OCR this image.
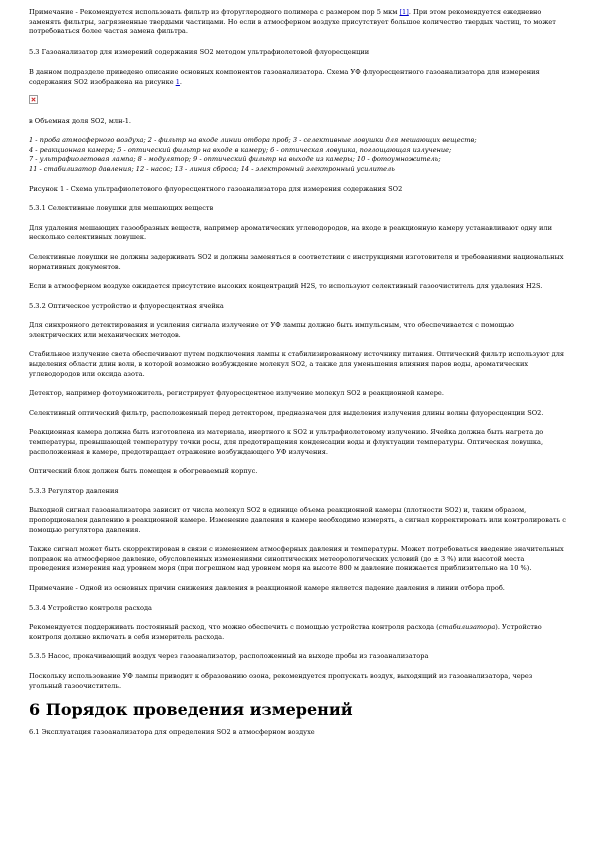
Примечание - Рекомендуется использовать фильтр из фторуглеродного полимера с размером пор 5 мкм [1]. При этом рекомендуется ежедневно заменять фильтры, загрязненные твердыми частицами. Но если в атмосферном воздухе присутствует большое количество твердых частиц, то может потребоваться более частая замена фильтра.

5.3 Газоанализатор для измерений содержания SO2 методом ультрафиолетовой флуоресценции

В данном подразделе приведено описание основных компонентов газоанализатора. Схема УФ флуоресцентного газоанализатора для измерения содержания SO2 изображена на рисунке 1.

в Объемная доля SO2, млн-1.

1 - проба атмосферного воздуха; 2 - фильтр на входе линии отбора проб; 3 - селективные ловушки для мешающих веществ;

4 - реакционная камера; 5 - оптический фильтр на входе в камеру; 6 - оптическая ловушка, поглощающая излучение;

7 - ультрафиолетовая лампа; 8 - модулятор; 9 - оптический фильтр на выходе из камеры; 10 - фотоумножитель;

11 - стабилизатор давления; 12 - насос; 13 - линия сброса; 14 - электронный электронный усилитель

Рисунок 1 - Схема ультрафиолетового флуоресцентного газоанализатора для измерения содержания SO2

5.3.1 Селективные ловушки для мешающих веществ

Для удаления мешающих газообразных веществ, например ароматических углеводородов, на входе в реакционную камеру устанавливают одну или несколько селективных ловушек.

Селективные ловушки не должны задерживать SO2 и должны заменяться в соответствии с инструкциями изготовителя и требованиями национальных нормативных документов.

Если в атмосферном воздухе ожидается присутствие высоких концентраций H2S, то используют селективный газоочиститель для удаления H2S.

5.3.2 Оптическое устройство и флуоресцентная ячейка

Для синхронного детектирования и усиления сигнала излучение от УФ лампы должно быть импульсным, что обеспечивается с помощью электрических или механических методов.

Стабильное излучение света обеспечивают путем подключения лампы к стабилизированному источнику питания. Оптический фильтр используют для выделения области длин волн, в которой возможно возбуждение молекул SO2, а также для уменьшения влияния паров воды, ароматических углеводородов или оксида азота.

Детектор, например фотоумножитель, регистрирует флуоресцентное излучение молекул SO2 в реакционной камере.

Селективный оптический фильтр, расположенный перед детектором, предназначен для выделения излучения длины волны флуоресценции SO2.

Реакционная камера должна быть изготовлена из материала, инертного к SO2 и ультрафиолетовому излучению. Ячейка должна быть нагрета до температуры, превышающей температуру точки росы, для предотвращения конденсации воды и флуктуации температуры. Оптическая ловушка, расположенная в камере, предотвращает отражение возбуждающего УФ излучения.

Оптический блок должен быть помещен в обогреваемый корпус.

5.3.3 Регулятор давления

Выходной сигнал газоанализатора зависит от числа молекул SO2 в единице объема реакционной камеры (плотности SO2) и, таким образом, пропорционален давлению в реакционной камере. Изменение давления в камере необходимо измерять, а сигнал корректировать или контролировать с помощью регулятора давления.

Также сигнал может быть скорректирован в связи с изменением атмосферных давления и температуры. Может потребоваться введение значительных поправок на атмосферное давление, обусловленных изменениями синоптических метеорологических условий (до ± 3 %) или высотой места проведения измерения над уровнем моря (при погрешном над уровнем моря на высоте 800 м давление понижается приблизительно на 10 %).

Примечание - Одной из основных причин снижения давления в реакционной камере является падение давления в линии отбора проб.

5.3.4 Устройство контроля расхода

Рекомендуется поддерживать постоянный расход, что можно обеспечить с помощью устройства контроля расхода (стабилизатора). Устройство контроля должно включать в себя измеритель расхода.

5.3.5 Насос, прокачивающий воздух через газоанализатор, расположенный на выходе пробы из газоанализатора

Поскольку использование УФ лампы приводит к образованию озона, рекомендуется пропускать воздух, выходящий из газоанализатора, через угольный газоочиститель.

6 Порядок проведения измерений

6.1 Эксплуатация газоанализатора для определения SO2 в атмосферном воздухе
